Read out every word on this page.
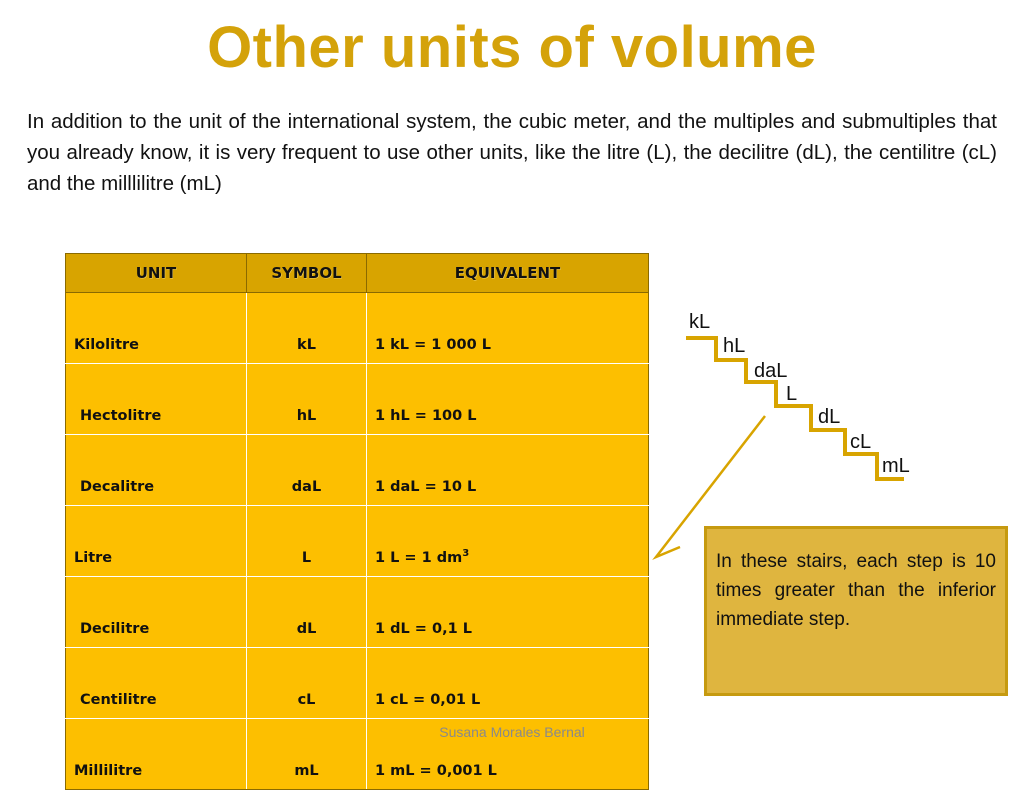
Other units of volume
In addition to the unit of the international system, the cubic meter, and the multiples and submultiples that you already know, it is very frequent to use other units, like the litre (L), the decilitre (dL), the centilitre (cL) and the milllilitre (mL)
UNIT	SYMBOL	EQUIVALENT
Kilolitre	kL	1 kL = 1 000 L
Hectolitre	hL	1 hL = 100 L
Decalitre	daL	1 daL = 10 L
Litre	L	1 L = 1 $dm^3$
Decilitre	dL	1 dL = 0,1 L
Centilitre	cL	1 cL = 0,01 L
Millilitre	mL	1 mL = 0,001 L
kL
hL
daL
L
dL
cL
mL
In these stairs, each step is 10 times greater than the inferior immediate step.
Susana Morales Bernal
